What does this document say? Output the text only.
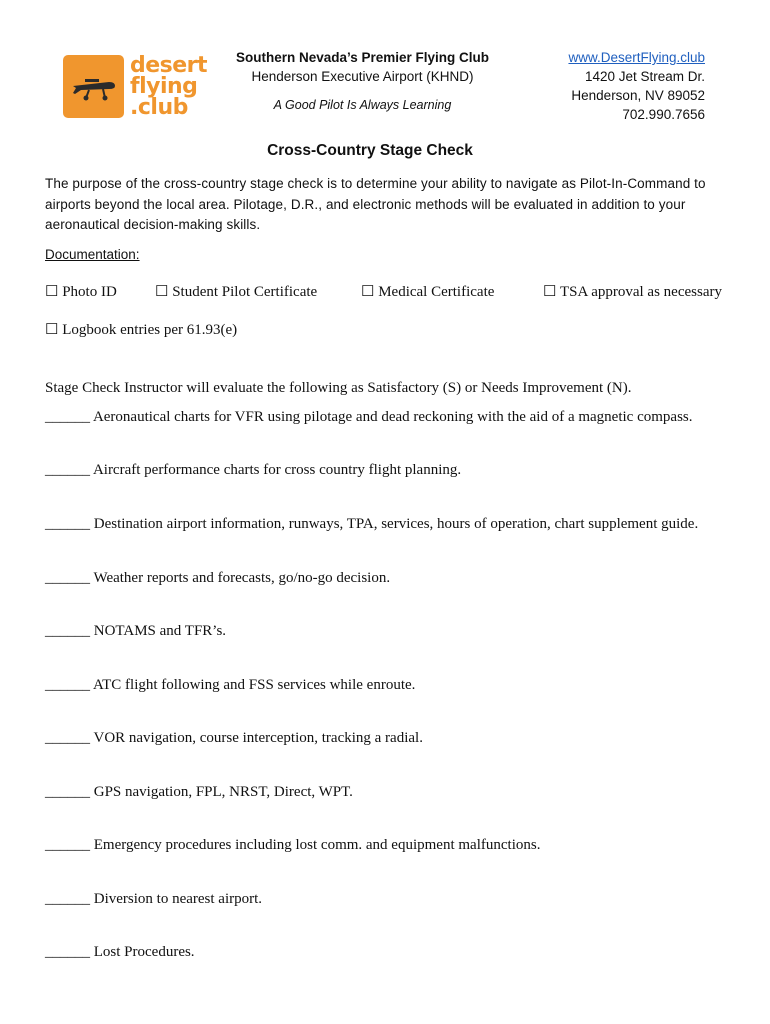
desert
flying
.club
Southern Nevada’s Premier Flying Club
Henderson Executive Airport (KHND)
A Good Pilot Is Always Learning
www.DesertFlying.club
1420 Jet Stream Dr.
Henderson, NV 89052
702.990.7656
Cross-Country Stage Check
The purpose of the cross-country stage check is to determine your ability to navigate as Pilot-In-Command to airports beyond the local area. Pilotage, D.R., and electronic methods will be evaluated in addition to your aeronautical decision-making skills.
Documentation:
☐ Photo ID	☐ Student Pilot Certificate	☐ Medical Certificate	☐ TSA approval as necessary
☐ Logbook entries per 61.93(e)
Stage Check Instructor will evaluate the following as Satisfactory (S) or Needs Improvement (N).
______ Aeronautical charts for VFR using pilotage and dead reckoning with the aid of a magnetic compass.
______ Aircraft performance charts for cross country flight planning.
______ Destination airport information, runways, TPA, services, hours of operation, chart supplement guide.
______ Weather reports and forecasts, go/no-go decision.
______ NOTAMS and TFR’s.
______ ATC flight following and FSS services while enroute.
______ VOR navigation, course interception, tracking a radial.
______ GPS navigation, FPL, NRST, Direct, WPT.
______ Emergency procedures including lost comm. and equipment malfunctions.
______ Diversion to nearest airport.
______ Lost Procedures.
